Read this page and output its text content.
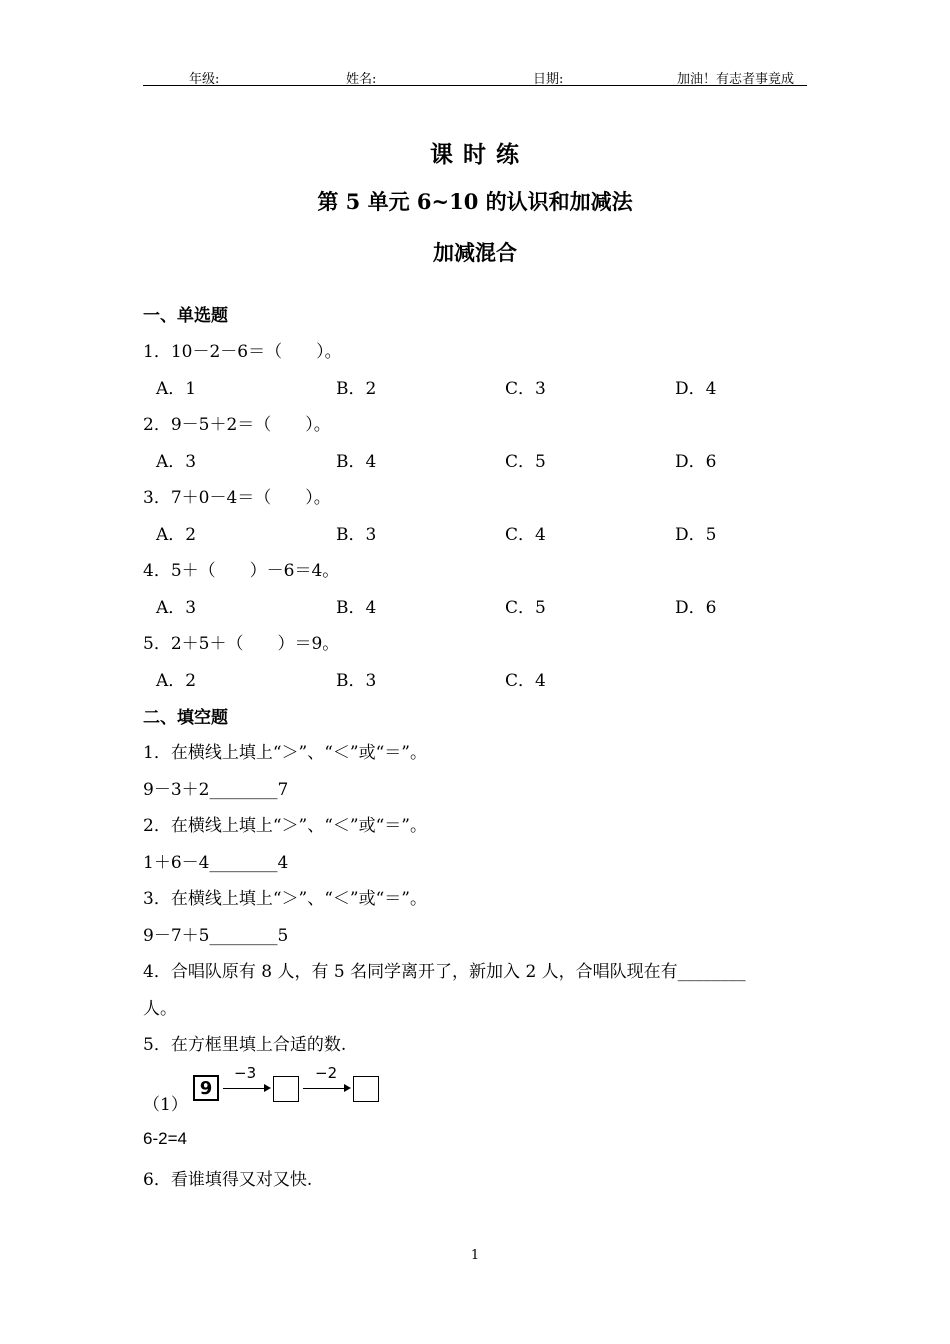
年级:	姓名:	日期:	加油！有志者事竟成
课 时 练
第 5 单元 6~10 的认识和加减法
加减混合
一、单选题
1．10－2－6＝（　　）。
A．1	B．2	C．3	D．4
2．9－5＋2＝（　　）。
A．3	B．4	C．5	D．6
3．7＋0－4＝（　　）。
A．2	B．3	C．4	D．5
4．5＋（　　）－6＝4。
A．3	B．4	C．5	D．6
5．2＋5＋（　　）＝9。
A．2	B．3	C．4
二、填空题
1．在横线上填上“＞”、“＜”或“＝”。
9－3＋2________7
2．在横线上填上“＞”、“＜”或“＝”。
1＋6－4________4
3．在横线上填上“＞”、“＜”或“＝”。
9－7＋5________5
4．合唱队原有 8 人，有 5 名同学离开了，新加入 2 人，合唱队现在有________
人。
5．在方框里填上合适的数.
（1）
9
−3	−2
6-2=4
6．看谁填得又对又快.
1
